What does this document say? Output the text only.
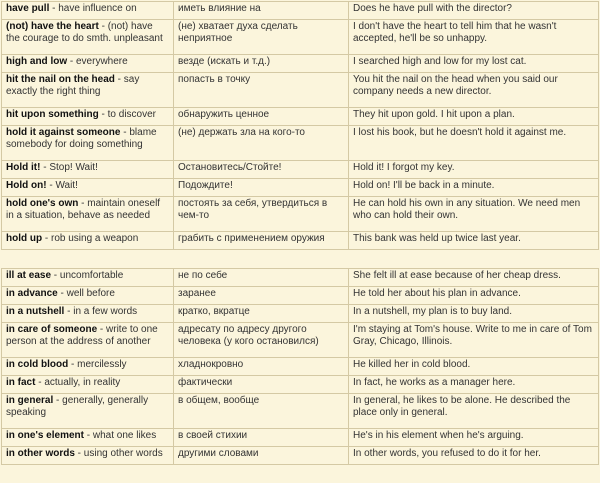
have pull - have influence on	иметь влияние на	Does he have pull with the director?
(not) have the heart - (not) have the courage to do smth. unpleasant	(не) хватает духа сделать неприятное	I don't have the heart to tell him that he wasn't accepted, he'll be so unhappy.
high and low - everywhere	везде (искать и т.д.)	I searched high and low for my lost cat.
hit the nail on the head - say exactly the right thing	попасть в точку	You hit the nail on the head when you said our company needs a new director.
hit upon something - to discover	обнаружить ценное	They hit upon gold. I hit upon a plan.
hold it against someone - blame somebody for doing something	(не) держать зла на кого-то	I lost his book, but he doesn't hold it against me.
Hold it! - Stop! Wait!	Остановитесь/Стойте!	Hold it! I forgot my key.
Hold on! - Wait!	Подождите!	Hold on! I'll be back in a minute.
hold one's own - maintain oneself in a situation, behave as needed	постоять за себя, утвердиться в чем-то	He can hold his own in any situation. We need men who can hold their own.
hold up - rob using a weapon	грабить с применением оружия	This bank was held up twice last year.
ill at ease - uncomfortable	не по себе	She felt ill at ease because of her cheap dress.
in advance - well before	заранее	He told her about his plan in advance.
in a nutshell - in a few words	кратко, вкратце	In a nutshell, my plan is to buy land.
in care of someone - write to one person at the address of another	адресату по адресу другого человека (у кого остановился)	I'm staying at Tom's house. Write to me in care of Tom Gray, Chicago, Illinois.
in cold blood - mercilessly	хладнокровно	He killed her in cold blood.
in fact - actually, in reality	фактически	In fact, he works as a manager here.
in general - generally, generally speaking	в общем, вообще	In general, he likes to be alone. He described the place only in general.
in one's element - what one likes	в своей стихии	He's in his element when he's arguing.
in other words - using other words	другими словами	In other words, you refused to do it for her.
